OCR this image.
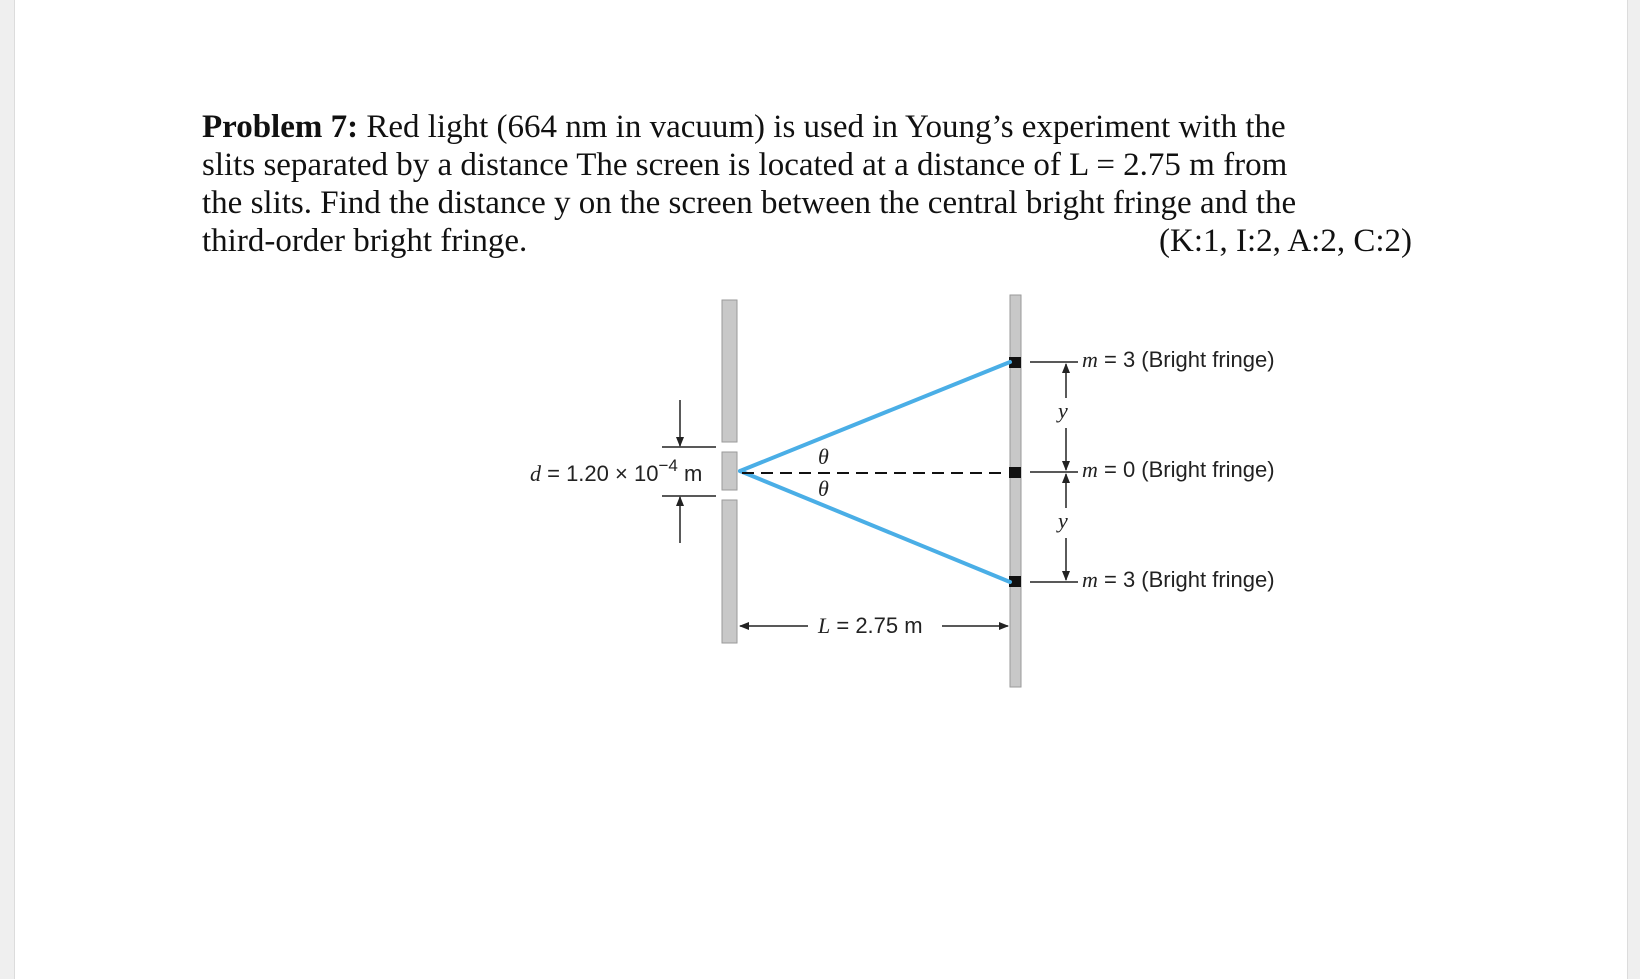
Problem 7: Red light (664 nm in vacuum) is used in Young’s experiment with the
slits separated by a distance The screen is located at a distance of L = 2.75 m from
the slits. Find the distance y on the screen between the central bright fringe and the
third-order bright fringe.	(K:1, I:2, A:2, C:2)
θ
θ
$d = 1.20 \times 10^{-4}$ m
L = 2.75 m
y
y
m = 3 (Bright fringe)
m = 0 (Bright fringe)
m = 3 (Bright fringe)
